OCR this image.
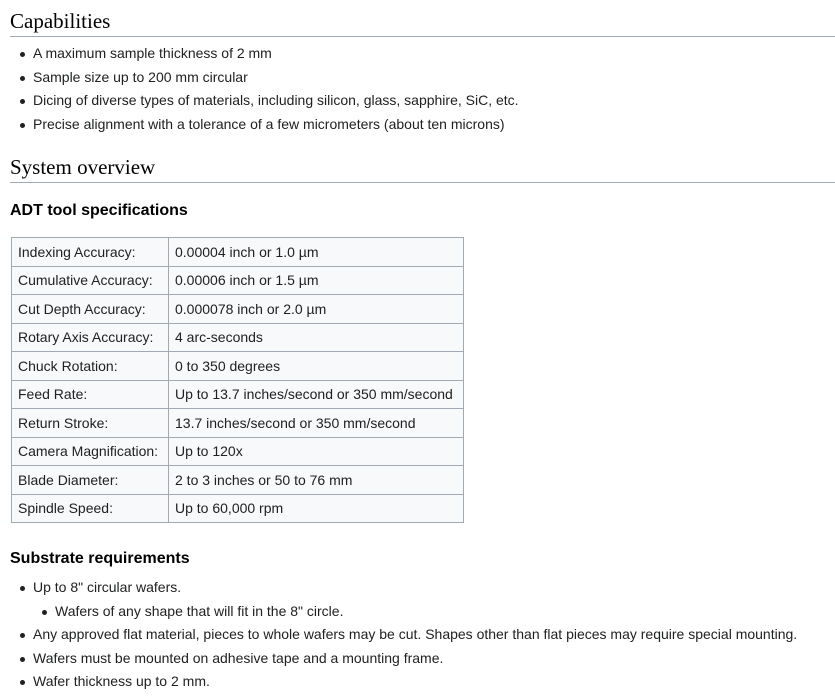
Capabilities
A maximum sample thickness of 2 mm
Sample size up to 200 mm circular
Dicing of diverse types of materials, including silicon, glass, sapphire, SiC, etc.
Precise alignment with a tolerance of a few micrometers (about ten microns)
System overview
ADT tool specifications
Indexing Accuracy:	0.00004 inch or 1.0 µm
Cumulative Accuracy:	0.00006 inch or 1.5 µm
Cut Depth Accuracy:	0.000078 inch or 2.0 µm
Rotary Axis Accuracy:	4 arc-seconds
Chuck Rotation:	0 to 350 degrees
Feed Rate:	Up to 13.7 inches/second or 350 mm/second
Return Stroke:	13.7 inches/second or 350 mm/second
Camera Magnification:	Up to 120x
Blade Diameter:	2 to 3 inches or 50 to 76 mm
Spindle Speed:	Up to 60,000 rpm
Substrate requirements
Up to 8" circular wafers.
Wafers of any shape that will fit in the 8" circle.
Any approved flat material, pieces to whole wafers may be cut. Shapes other than flat pieces may require special mounting.
Wafers must be mounted on adhesive tape and a mounting frame.
Wafer thickness up to 2 mm.
